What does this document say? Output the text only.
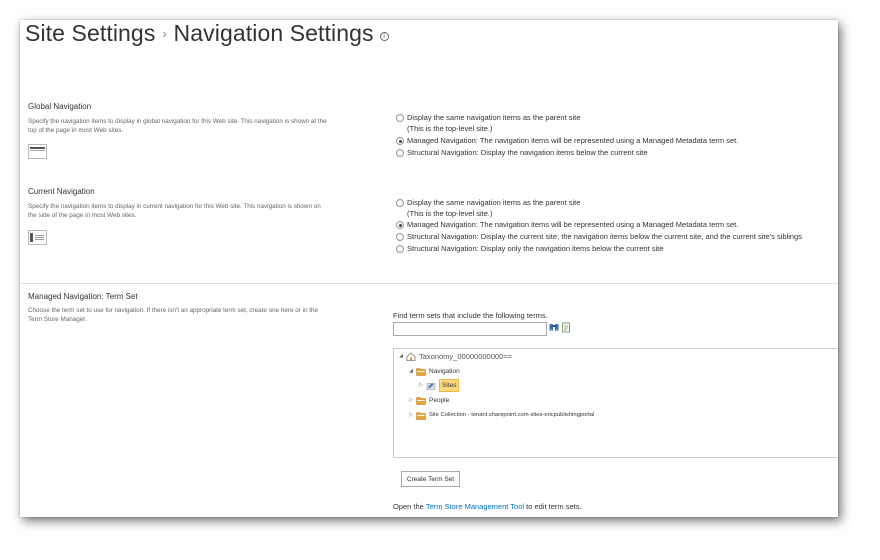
Site Settings › Navigation Settings i
Global Navigation
Specify the navigation items to display in global navigation for this Web site. This navigation is shown at the top of the page in most Web sites.
Display the same navigation items as the parent site
(This is the top-level site.)
Managed Navigation: The navigation items will be represented using a Managed Metadata term set.
Structural Navigation: Display the navigation items below the current site
Current Navigation
Specify the navigation items to display in current navigation for this Web site. This navigation is shown on the side of the page in most Web sites.
Display the same navigation items as the parent site
(This is the top-level site.)
Managed Navigation: The navigation items will be represented using a Managed Metadata term set.
Structural Navigation: Display the current site, the navigation items below the current site, and the current site's siblings
Structural Navigation: Display only the navigation items below the current site
Managed Navigation: Term Set
Choose the term set to use for navigation. If there isn't an appropriate term set, create one here or in the Term Store Manager.	Find term sets that include the following terms.
◢ Taxonomy_00000000000==
◢ Navigation
▷	Sites
▷ People
▷	Site Collection - tenant.sharepoint.com-sites-ericpublishingportal
Create Term Set
Open the Term Store Management Tool to edit term sets.
